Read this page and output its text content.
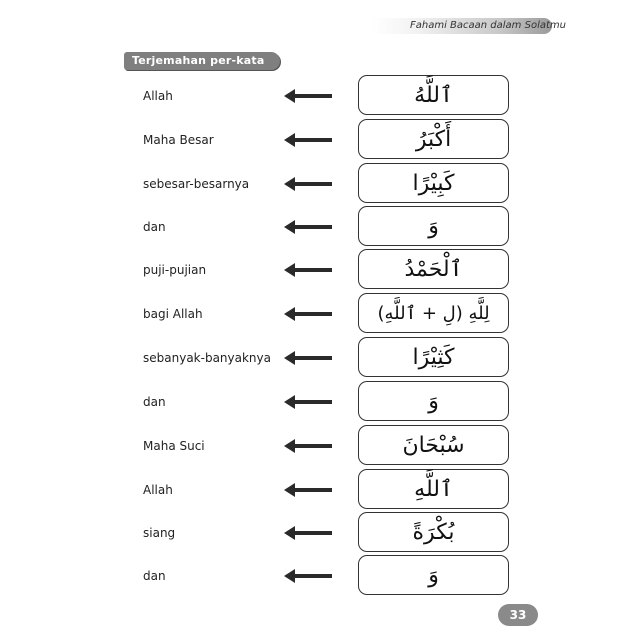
Fahami Bacaan dalam Solatmu
Terjemahan per-kata
Allah	ٱللَّهُ
Maha Besar	أَكْبَرُ
sebesar-besarnya	كَبِيْرًا
dan	وَ
puji-pujian	ٱلْحَمْدُ
bagi Allah	لِلَّهِ (لِ + ٱللَّهِ)
sebanyak-banyaknya	كَثِيْرًا
dan	وَ
Maha Suci	سُبْحَانَ
Allah	ٱللَّهِ
siang	بُكْرَةً
dan	وَ
33
